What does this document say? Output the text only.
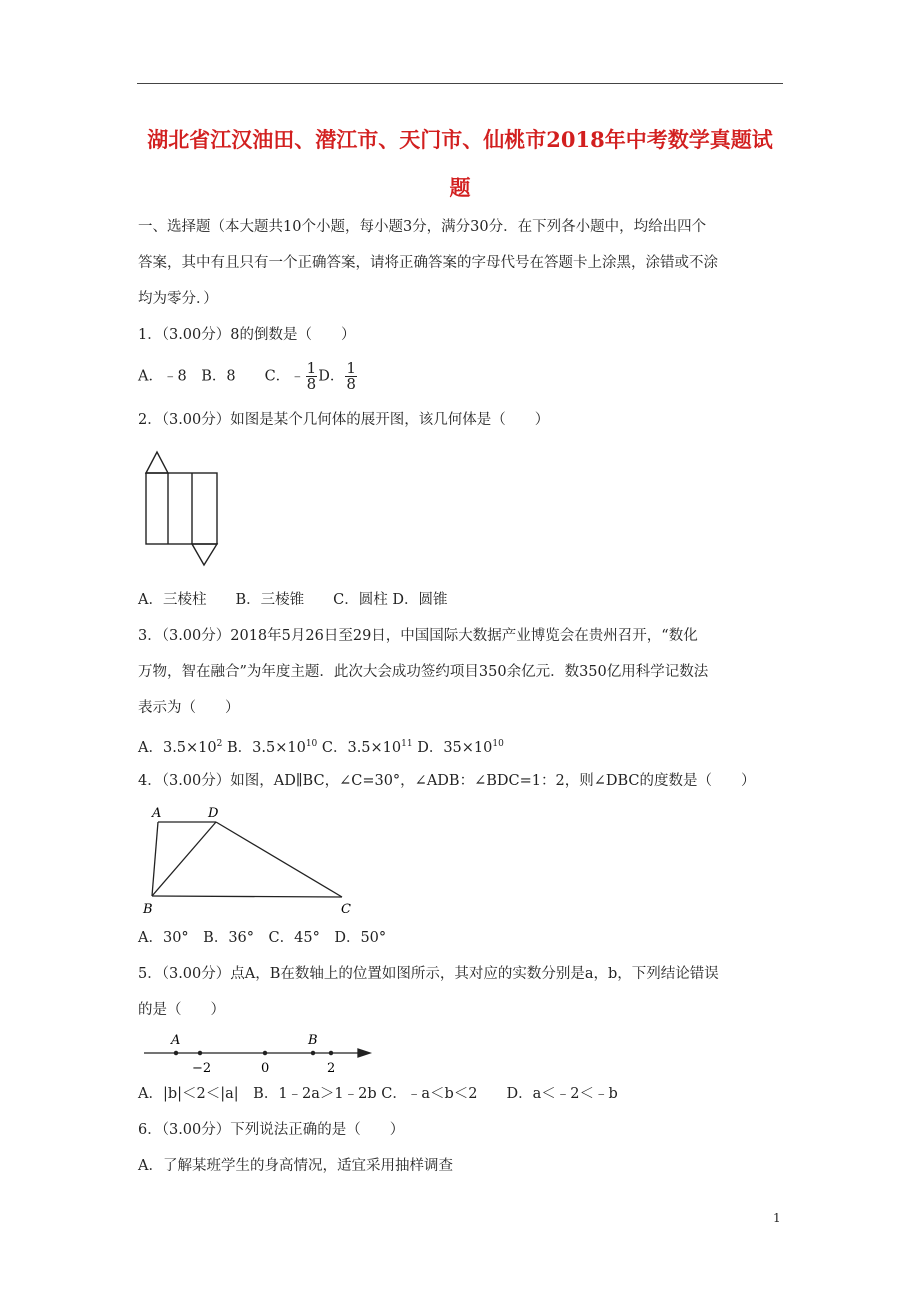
湖北省江汉油田、潜江市、天门市、仙桃市2018年中考数学真题试
题
一、选择题（本大题共10个小题，每小题3分，满分30分．在下列各小题中，均给出四个
答案，其中有且只有一个正确答案，请将正确答案的字母代号在答题卡上涂黑，涂错或不涂
均为零分．）
1．（3.00分）8的倒数是（　　）
A．﹣8　B．8　　C．﹣ $\frac{1}{8}$ D． $\frac{1}{8}$
2．（3.00分）如图是某个几何体的展开图，该几何体是（　　）
A．三棱柱　　B．三棱锥　　C．圆柱 D．圆锥
3．（3.00分）2018年5月26日至29日，中国国际大数据产业博览会在贵州召开，“数化
万物，智在融合”为年度主题．此次大会成功签约项目350余亿元．数350亿用科学记数法
表示为（　　）
A．$3.5\times 10^2$ B．$3.5\times 10^{10}$ C．$3.5\times 10^{11}$ D．$35\times 10^{10}$
4．（3.00分）如图，AD∥BC，∠C=30°，∠ADB：∠BDC=1：2，则∠DBC的度数是（　　）
A	D
B	C
A．30°　B．36°　C．45°　D．50°
5．（3.00分）点A，B在数轴上的位置如图所示，其对应的实数分别是a，b，下列结论错误
的是（　　）
A	B
−2	0	2
A．|b|＜2＜|a|　B．1﹣2a＞1﹣2b C．﹣a＜b＜2　　D．a＜﹣2＜﹣b
6．（3.00分）下列说法正确的是（　　）
A．了解某班学生的身高情况，适宜采用抽样调查
1
